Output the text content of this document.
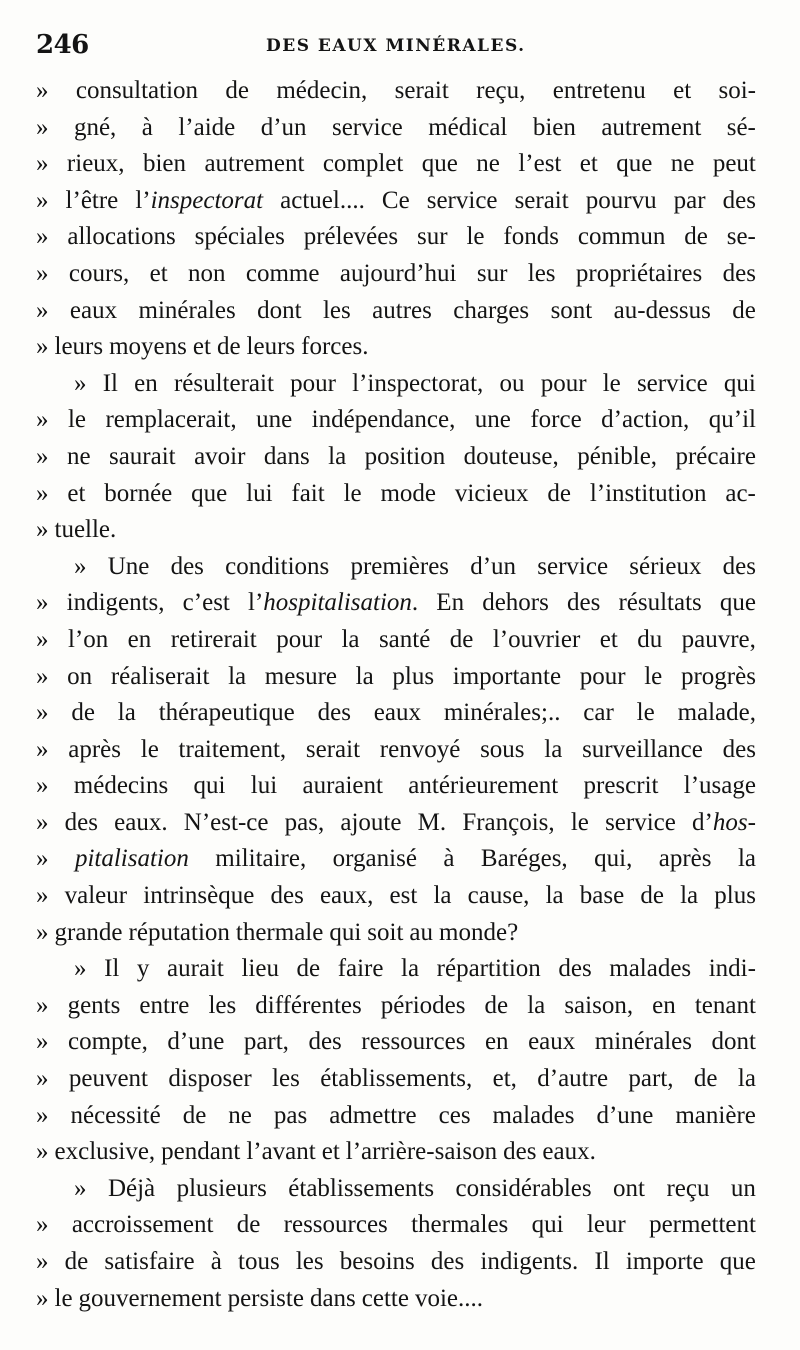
246	DES EAUX MINÉRALES.
» consultation de médecin, serait reçu, entretenu et soi-
» gné, à l’aide d’un service médical bien autrement sé-
» rieux, bien autrement complet que ne l’est et que ne peut
» l’être l’inspectorat actuel.... Ce service serait pourvu par des
» allocations spéciales prélevées sur le fonds commun de se-
» cours, et non comme aujourd’hui sur les propriétaires des
» eaux minérales dont les autres charges sont au-dessus de
» leurs moyens et de leurs forces.
» Il en résulterait pour l’inspectorat, ou pour le service qui
» le remplacerait, une indépendance, une force d’action, qu’il
» ne saurait avoir dans la position douteuse, pénible, précaire
» et bornée que lui fait le mode vicieux de l’institution ac-
» tuelle.
» Une des conditions premières d’un service sérieux des
» indigents, c’est l’hospitalisation. En dehors des résultats que
» l’on en retirerait pour la santé de l’ouvrier et du pauvre,
» on réaliserait la mesure la plus importante pour le progrès
» de la thérapeutique des eaux minérales;.. car le malade,
» après le traitement, serait renvoyé sous la surveillance des
» médecins qui lui auraient antérieurement prescrit l’usage
» des eaux. N’est-ce pas, ajoute M. François, le service d’hos-
» pitalisation militaire, organisé à Baréges, qui, après la
» valeur intrinsèque des eaux, est la cause, la base de la plus
» grande réputation thermale qui soit au monde?
» Il y aurait lieu de faire la répartition des malades indi-
» gents entre les différentes périodes de la saison, en tenant
» compte, d’une part, des ressources en eaux minérales dont
» peuvent disposer les établissements, et, d’autre part, de la
» nécessité de ne pas admettre ces malades d’une manière
» exclusive, pendant l’avant et l’arrière-saison des eaux.
» Déjà plusieurs établissements considérables ont reçu un
» accroissement de ressources thermales qui leur permettent
» de satisfaire à tous les besoins des indigents. Il importe que
» le gouvernement persiste dans cette voie....
